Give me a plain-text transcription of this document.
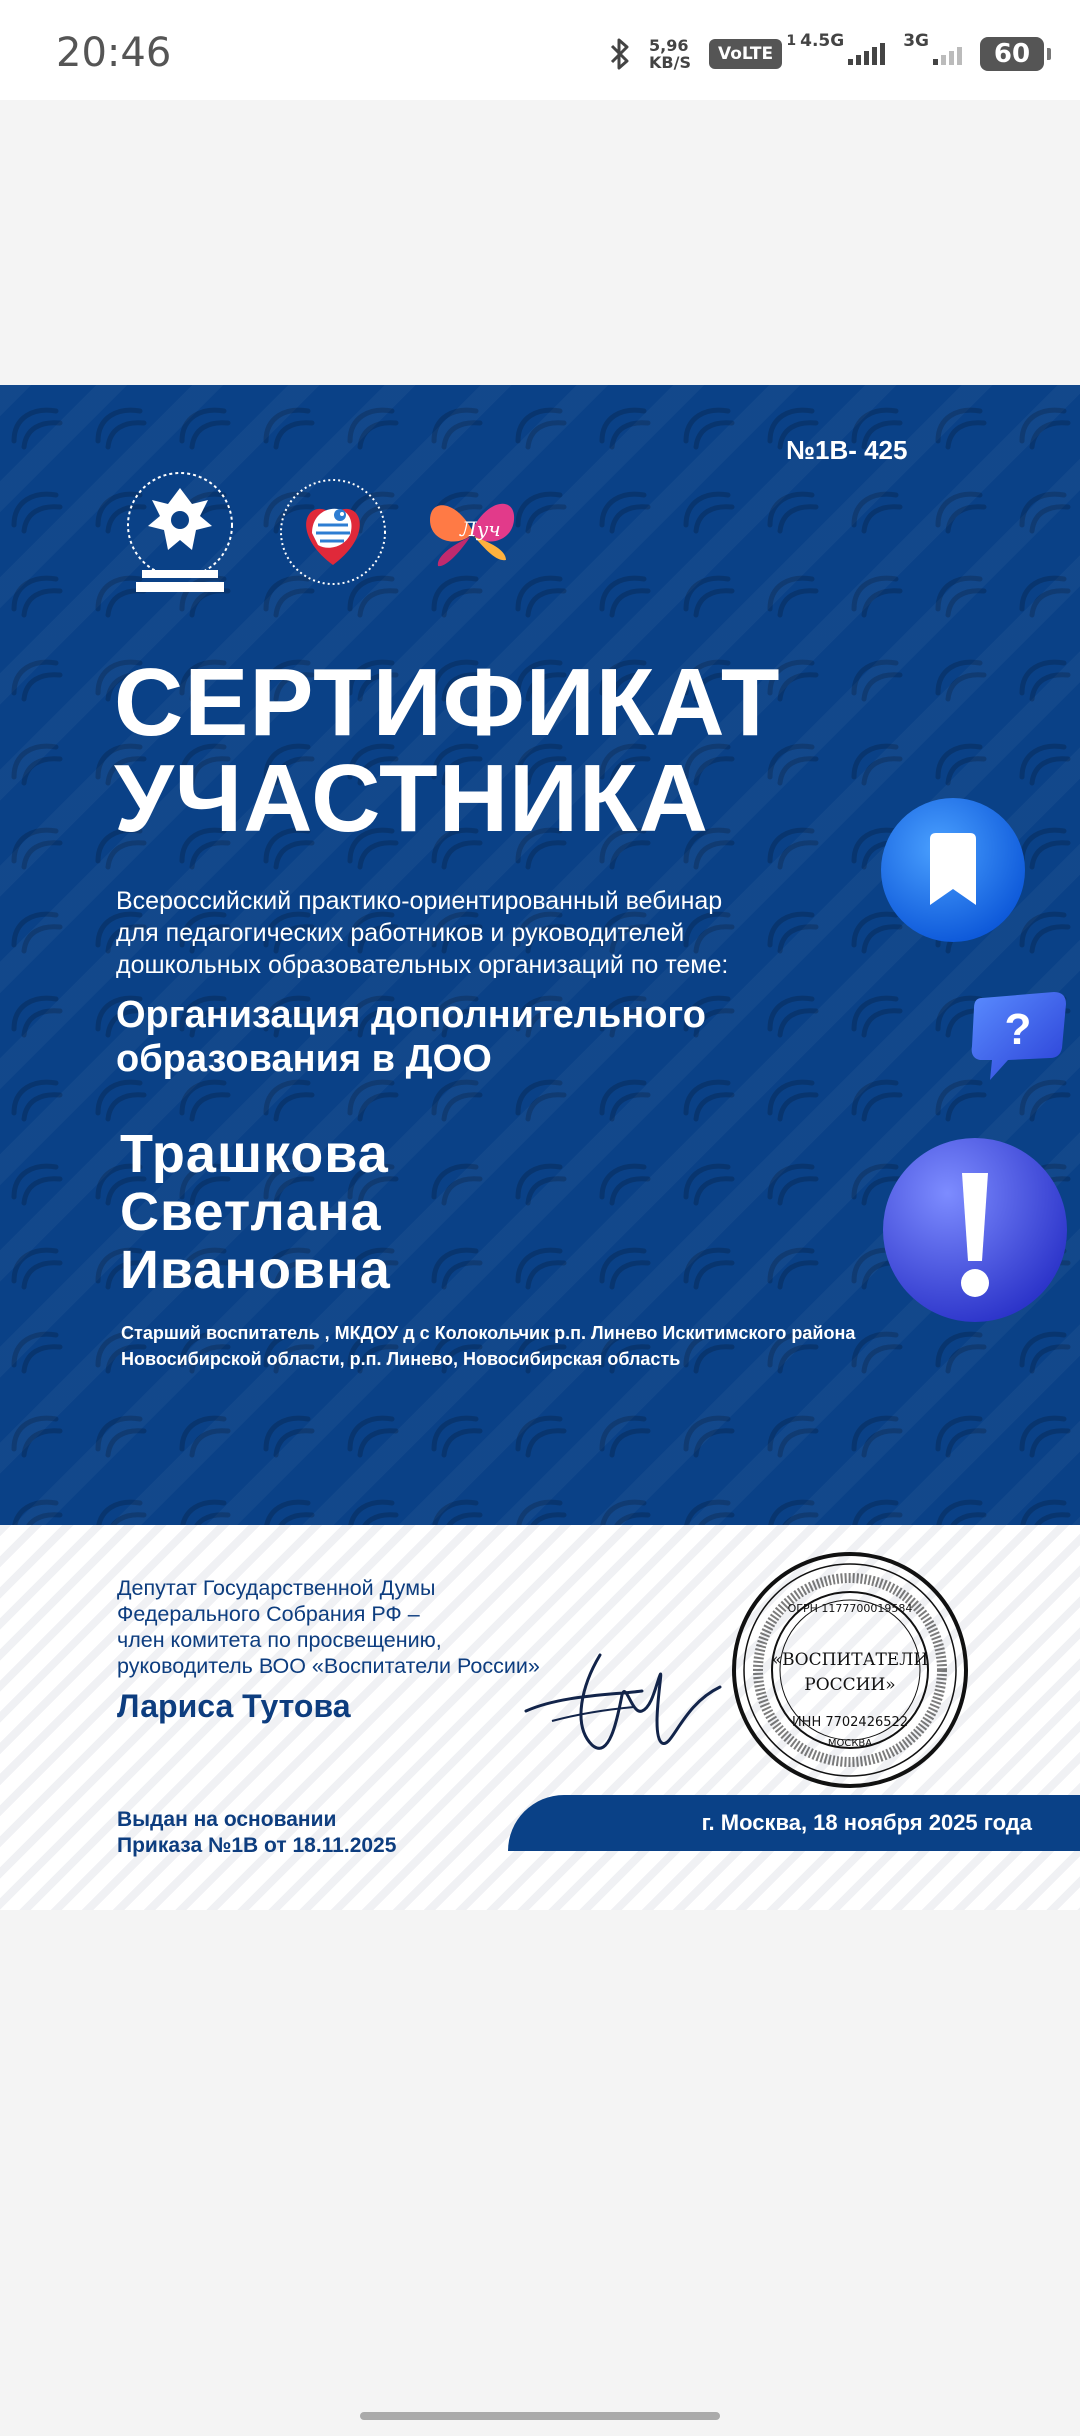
20:46	5,96
KB/S	VoLTE
1 4.5G	3G 60
№1В- 425
Луч
СЕРТИФИКАТ
УЧАСТНИКА
Всероссийский практико-ориентированный вебинар
для педагогических работников и руководителей
дошкольных образовательных организаций по теме:
Организация дополнительного
образования в ДОО
Трашкова
Светлана
Ивановна
Старший воспитатель , МКДОУ д с Колокольчик р.п. Линево Искитимского района
Новосибирской области, р.п. Линево, Новосибирская область
Депутат Государственной Думы
Федерального Собрания РФ –
член комитета по просвещению,
руководитель ВОО «Воспитатели России»
Лариса Тутова
ОГРН 1177700019584
«ВОСПИТАТЕЛИ
РОССИИ»
ИНН 7702426522
МОСКВА
Выдан на основании
Приказа №1В от 18.11.2025
г. Москва, 18 ноября 2025 года
?
